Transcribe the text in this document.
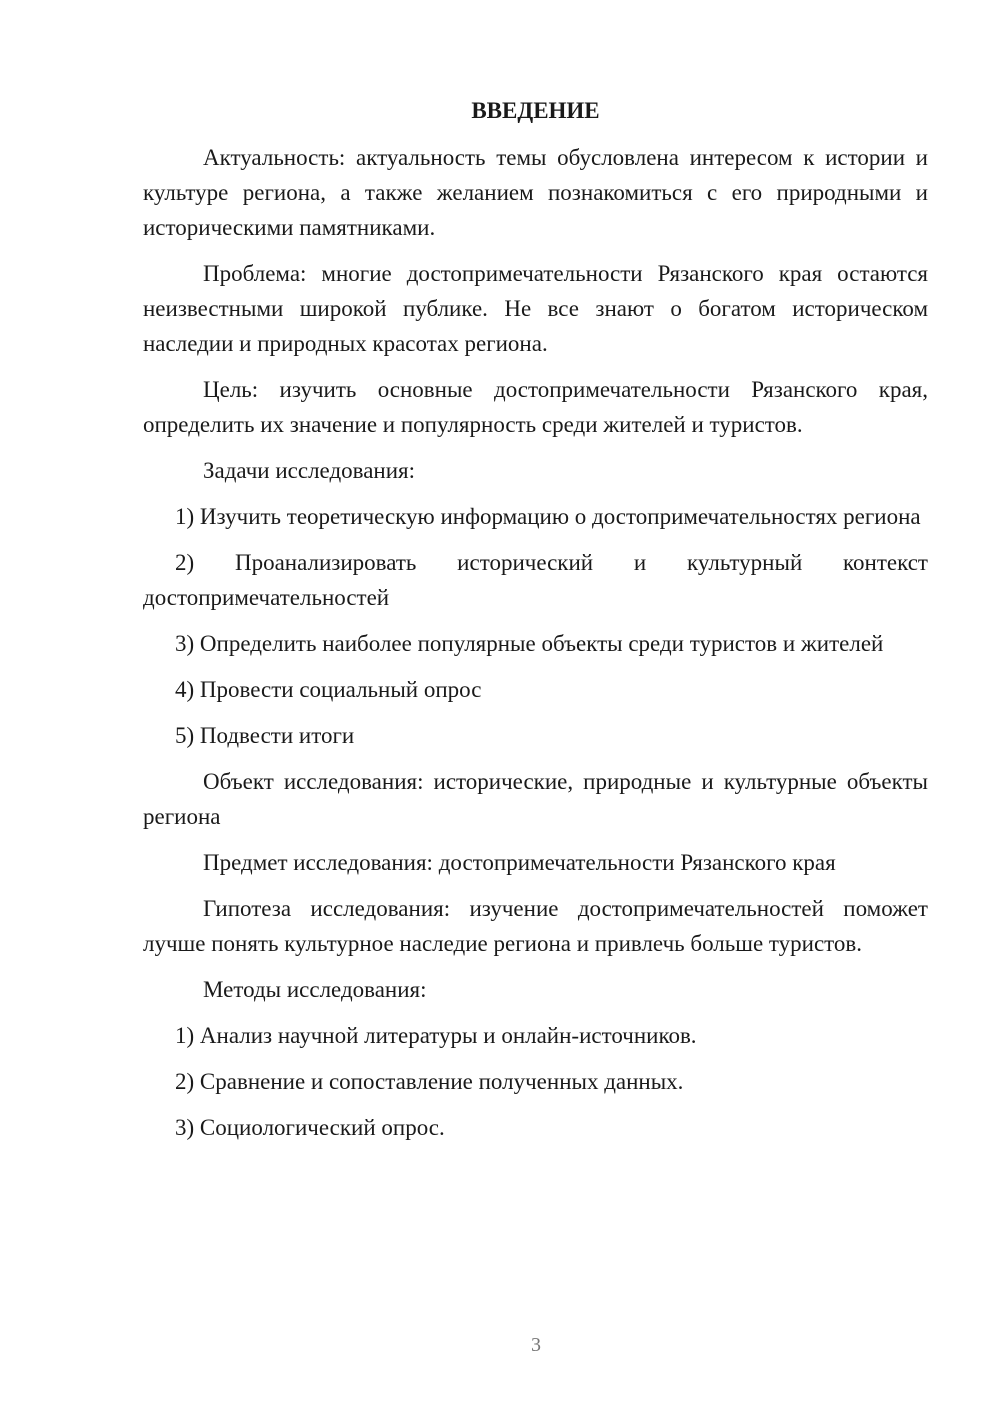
ВВЕДЕНИЕ

Актуальность: актуальность темы обусловлена интересом к истории и культуре региона, а также желанием познакомиться с его природными и историческими памятниками.

Проблема: многие достопримечательности Рязанского края остаются неизвестными широкой публике. Не все знают о богатом историческом наследии и природных красотах региона.

Цель: изучить основные достопримечательности Рязанского края, определить их значение и популярность среди жителей и туристов.

Задачи исследования:

1) Изучить теоретическую информацию о достопримечательностях региона

2) Проанализировать исторический и культурный контекст достопримечательностей

3) Определить наиболее популярные объекты среди туристов и жителей

4) Провести социальный опрос

5) Подвести итоги

Объект исследования: исторические, природные и культурные объекты региона

Предмет исследования: достопримечательности Рязанского края

Гипотеза исследования: изучение достопримечательностей поможет лучше понять культурное наследие региона и привлечь больше туристов.

Методы исследования:

1) Анализ научной литературы и онлайн-источников.

2) Сравнение и сопоставление полученных данных.

3) Социологический опрос.

3
